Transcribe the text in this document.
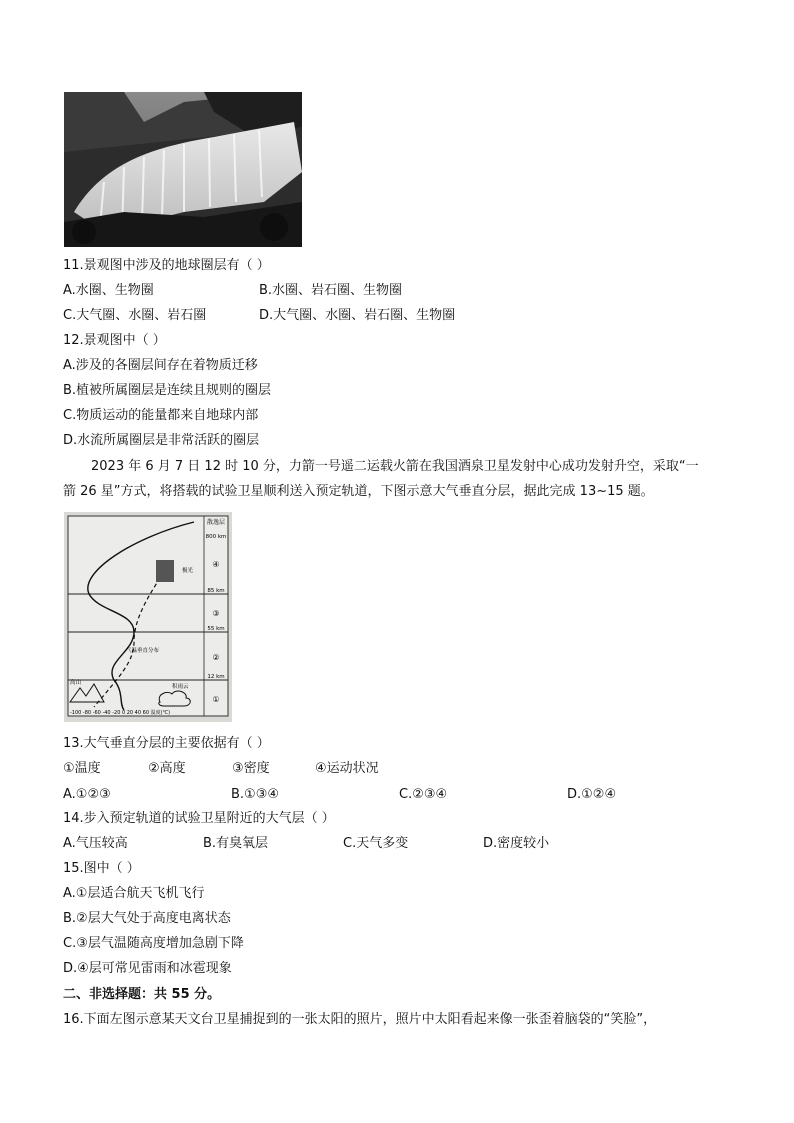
11.景观图中涉及的地球圈层有（ ）
A.水圈、生物圈	B.水圈、岩石圈、生物圈
C.大气圈、水圈、岩石圈	D.大气圈、水圈、岩石圈、生物圈
12.景观图中（ ）
A.涉及的各圈层间存在着物质迁移
B.植被所属圈层是连续且规则的圈层
C.物质运动的能量都来自地球内部
D.水流所属圈层是非常活跃的圈层
2023 年 6 月 7 日 12 时 10 分，力箭一号遥二运载火箭在我国酒泉卫星发射中心成功发射升空，采取“一
箭 26 星”方式，将搭载的试验卫星顺利送入预定轨道，下图示意大气垂直分层，据此完成 13~15 题。
散逸层
800 km
85 km
55 km
12 km
④
③
②
①
极光
气温垂直分布
高山
积雨云
-100 -80 -60 -40 -20 0 20 40 60 温度(℃)
13.大气垂直分层的主要依据有（ ）
①温度	②高度	③密度	④运动状况
A.①②③	B.①③④	C.②③④	D.①②④
14.步入预定轨道的试验卫星附近的大气层（ ）
A.气压较高	B.有臭氧层	C.天气多变	D.密度较小
15.图中（ ）
A.①层适合航天飞机飞行
B.②层大气处于高度电离状态
C.③层气温随高度增加急剧下降
D.④层可常见雷雨和冰雹现象
二、非选择题：共 55 分。
16.下面左图示意某天文台卫星捕捉到的一张太阳的照片，照片中太阳看起来像一张歪着脑袋的“笑脸”，
